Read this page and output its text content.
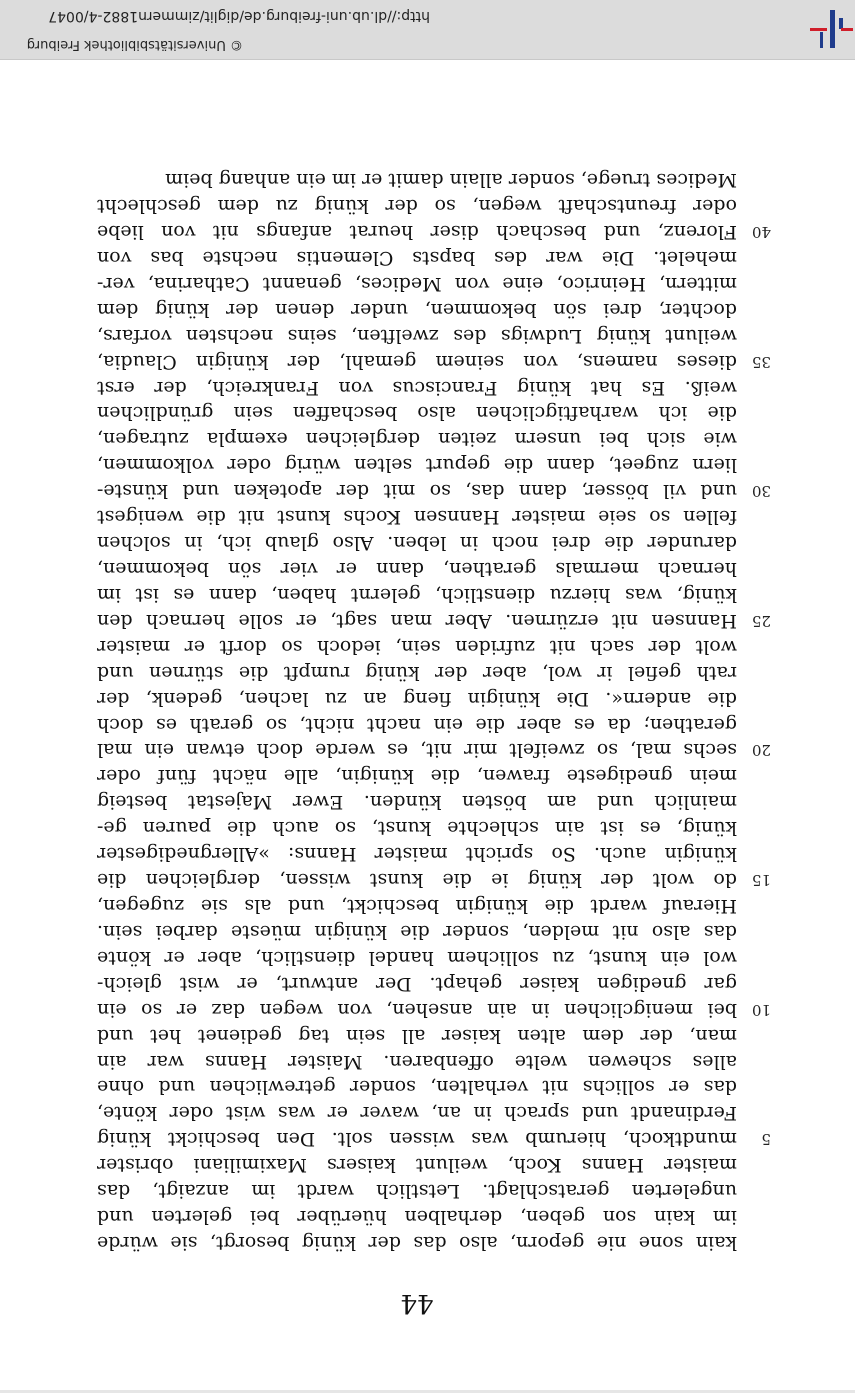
44
kain sone nie geporn, also das der künig besorgt, sie würde
im kain son geben, derhalben hüerüber bei gelerten und
ungelerten geratschlagt. Letstlich wardt im anzaigt, das
maister Hanns Koch, weilunt kaisers Maximiliani obrister
5
mundtkoch, hierumb was wissen solt. Den beschickt künig
Ferdinandt und sprach in an, waver er was wist oder könte,
das er sollichs nit verhalten, sonder getrewlichen und ohne
alles schewen welte offenbaren. Maister Hanns war ain
man, der dem alten kaiser all sein tag gedienet het und
10
bei menigclichen in ain ansehen, von wegen daz er so ein
gar gnedigen kaiser gehapt. Der antwurt, er wist gleich-
wol ein kunst, zu sollichem handel dienstlich, aber er könte
das also nit melden, sonder die künigin müeste darbei sein.
Hierauf wardt die künigin beschickt, und als sie zugegen,
15
do wolt der künig ie die kunst wissen, dergleichen die
künigin auch. So spricht maister Hanns: »Allergnedigester
künig, es ist ain schlechte kunst, so auch die pauren ge-
mainlich und am bösten künden. Ewer Majestat besteig
mein gnedigeste frawen, die künigin, alle nächt fünf oder
20
sechs mal, so zweifelt mir nit, es werde doch etwan ein mal
gerathen; da es aber die ein nacht nicht, so gerath es doch
die andern«. Die künigin fieng an zu lachen, gedenk, der
rath gefiel ir wol, aber der künig rumpft die stürnen und
wolt der sach nit zufriden sein, iedoch so dorft er maister
25
Hannsen nit erzürnen. Aber man sagt, er solle hernach den
künig, was hierzu dienstlich, gelernt haben, dann es ist im
hernach mermals gerathen, dann er vier sön bekommen,
darunder die drei noch in leben. Also glaub ich, in solchen
fellen so seie maister Hannsen Kochs kunst nit die wenigest
30
und vil bösser, dann das, so mit der apoteken und künste-
liern zugeet, dann die gepurt selten würig oder volkommen,
wie sich bei unsern zeiten dergleichen exempla zutragen,
die ich warhaftigclichen also beschaffen sein gründlichen
weiß. Es hat künig Franciscus von Frankreich, der erst
35
dieses namens, von seinem gemahl, der künigin Claudia,
weilunt künig Ludwigs des zwelften, seins nechsten vorfars,
dochter, drei sön bekommen, under denen der künig dem
mittern, Heinrico, eine von Medices, genannt Catharina, ver-
mehelet. Die war des bapsts Clementis nechste bas von
40
Florenz, und beschach diser heurat anfangs nit von liebe
oder freuntschaft wegen, so der künig zu dem geschlecht
Medices truege, sonder allain damit er im ein anhang beim
© Universitätsbibliothek Freiburg
http://dl.ub.uni-freiburg.de/diglit/zimmern1882-4/0047
